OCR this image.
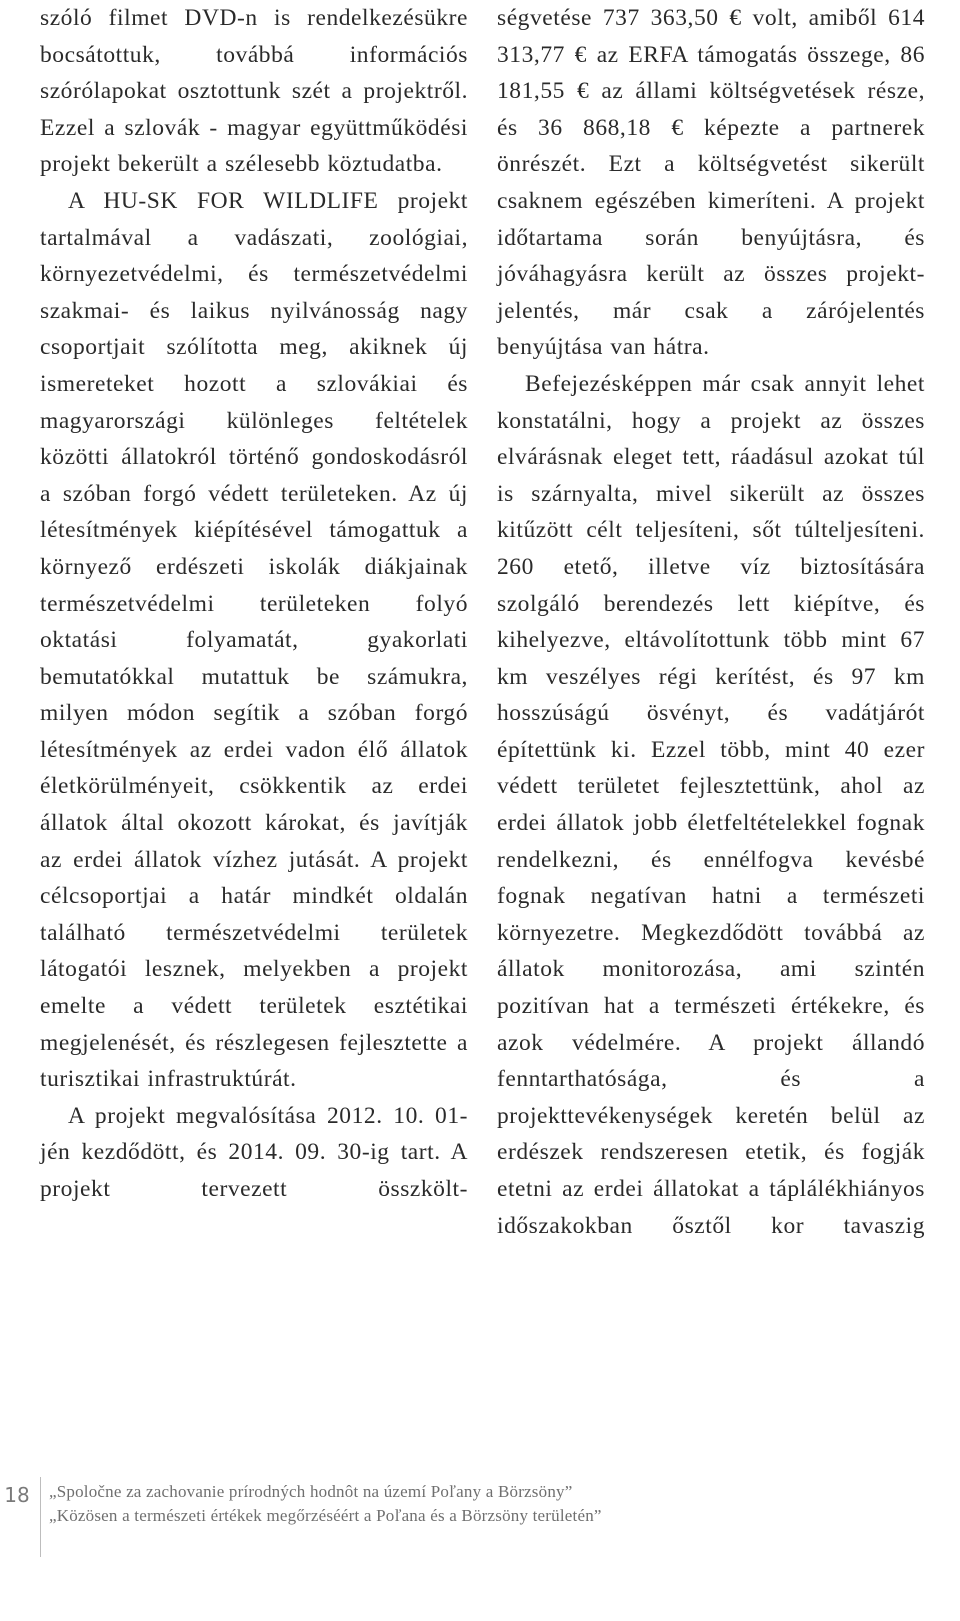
szóló filmet DVD-n is rendelkezésükre bocsátottuk, továbbá információs szórólapokat osztottunk szét a projektről. Ezzel a szlovák - magyar együttműködési projekt bekerült a szélesebb köztudatba.

A HU-SK FOR WILDLIFE projekt tartalmával a vadászati, zoológiai, környezetvédelmi, és természetvédelmi szakmai- és laikus nyilvánosság nagy csoportjait szólította meg, akiknek új ismereteket hozott a szlovákiai és magyarországi különleges feltételek közötti állatokról történő gondoskodásról a szóban forgó védett területeken. Az új létesítmények kiépítésével támogattuk a környező erdészeti iskolák diákjainak természetvédelmi területeken folyó oktatási folyamatát, gyakorlati bemutatókkal mutattuk be számukra, milyen módon segítik a szóban forgó létesítmények az erdei vadon élő állatok életkörülményeit, csökkentik az erdei állatok által okozott károkat, és javítják az erdei állatok vízhez jutását. A projekt célcsoportjai a határ mindkét oldalán található természetvédelmi területek látogatói lesznek, melyekben a projekt emelte a védett területek esztétikai megjelenését, és részlegesen fejlesztette a turisztikai infrastruktúrát.

A projekt megvalósítása 2012. 10. 01-jén kezdődött, és 2014. 09. 30-ig tart. A projekt tervezett összkölt-

ségvetése 737 363,50 € volt, amiből 614 313,77 € az ERFA támogatás összege, 86 181,55 € az állami költségvetések része, és 36 868,18 € képezte a partnerek önrészét. Ezt a költségvetést sikerült csaknem egészében kimeríteni. A projekt időtartama során benyújtásra, és jóváhagyásra került az összes projekt-jelentés, már csak a zárójelentés benyújtása van hátra.

Befejezésképpen már csak annyit lehet konstatálni, hogy a projekt az összes elvárásnak eleget tett, ráadásul azokat túl is szárnyalta, mivel sikerült az összes kitűzött célt teljesíteni, sőt túlteljesíteni. 260 etető, illetve víz biztosítására szolgáló berendezés lett kiépítve, és kihelyezve, eltávolítottunk több mint 67 km veszélyes régi kerítést, és 97 km hosszúságú ösvényt, és vadátjárót építettünk ki. Ezzel több, mint 40 ezer védett területet fejlesztettünk, ahol az erdei állatok jobb életfeltételekkel fognak rendelkezni, és ennélfogva kevésbé fognak negatívan hatni a természeti környezetre. Megkezdődött továbbá az állatok monitorozása, ami szintén pozitívan hat a természeti értékekre, és azok védelmére. A projekt állandó fenntarthatósága, és a projekttevékenységek keretén belül az erdészek rendszeresen etetik, és fogják etetni az erdei állatokat a táplálékhiányos időszakokban ősztől kor tavaszig

18 „Spoločne za zachovanie prírodných hodnôt na území Poľany a Börzsöny”
„Közösen a természeti értékek megőrzéséért a Poľana és a Börzsöny területén”
